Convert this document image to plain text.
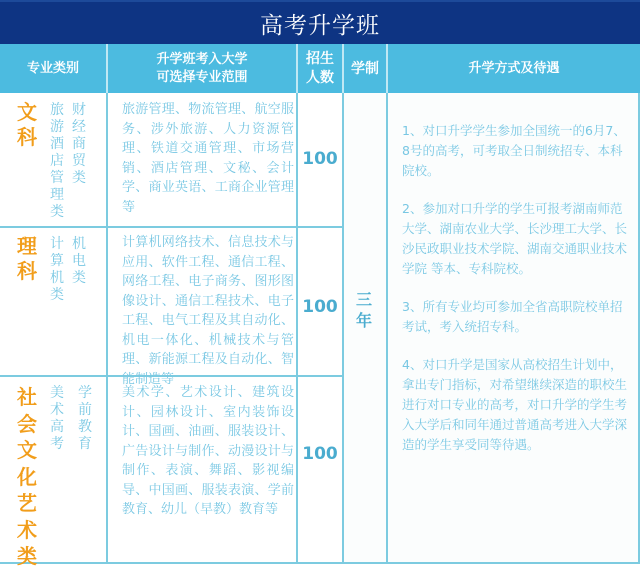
高考升学班
专业类别
升学班考入大学
可选择专业范围
招生
人数
学制	升学方式及待遇
文
科
旅
游
酒
店
管
理
类
财
经
商
贸
类
旅游管理、物流管理、航空服务、涉外旅游、人力资源管理、铁道交通管理、市场营销、酒店管理、文秘、会计学、商业英语、工商企业管理等
100
理
科
计
算
机
类
机
电
类
计算机网络技术、信息技术与应用、软件工程、通信工程、网络工程、电子商务、图形图像设计、通信工程技术、电子工程、电气工程及其自动化、机电一体化、机械技术与管理、新能源工程及自动化、智能制造等
100
社
会
文
化
艺
术
类
美
术
高
考
学
前
教
育
美术学、艺术设计、建筑设计、园林设计、室内装饰设计、国画、油画、服装设计、广告设计与制作、动漫设计与制作、表演、舞蹈、影视编导、中国画、服装表演、学前教育、幼儿（早教）教育等
100
三
年

1、对口升学学生参加全国统一的6月7、8号的高考，可考取全日制统招专、本科院校。

2、参加对口升学的学生可报考湖南师范大学、湖南农业大学、长沙理工大学、长沙民政职业技术学院、湖南交通职业技术学院 等本、专科院校。

3、所有专业均可参加全省高职院校单招考试，考入统招专科。

4、对口升学是国家从高校招生计划中，拿出专门指标，对希望继续深造的职校生进行对口专业的高考，对口升学的学生考入大学后和同年通过普通高考进入大学深造的学生享受同等待遇。
